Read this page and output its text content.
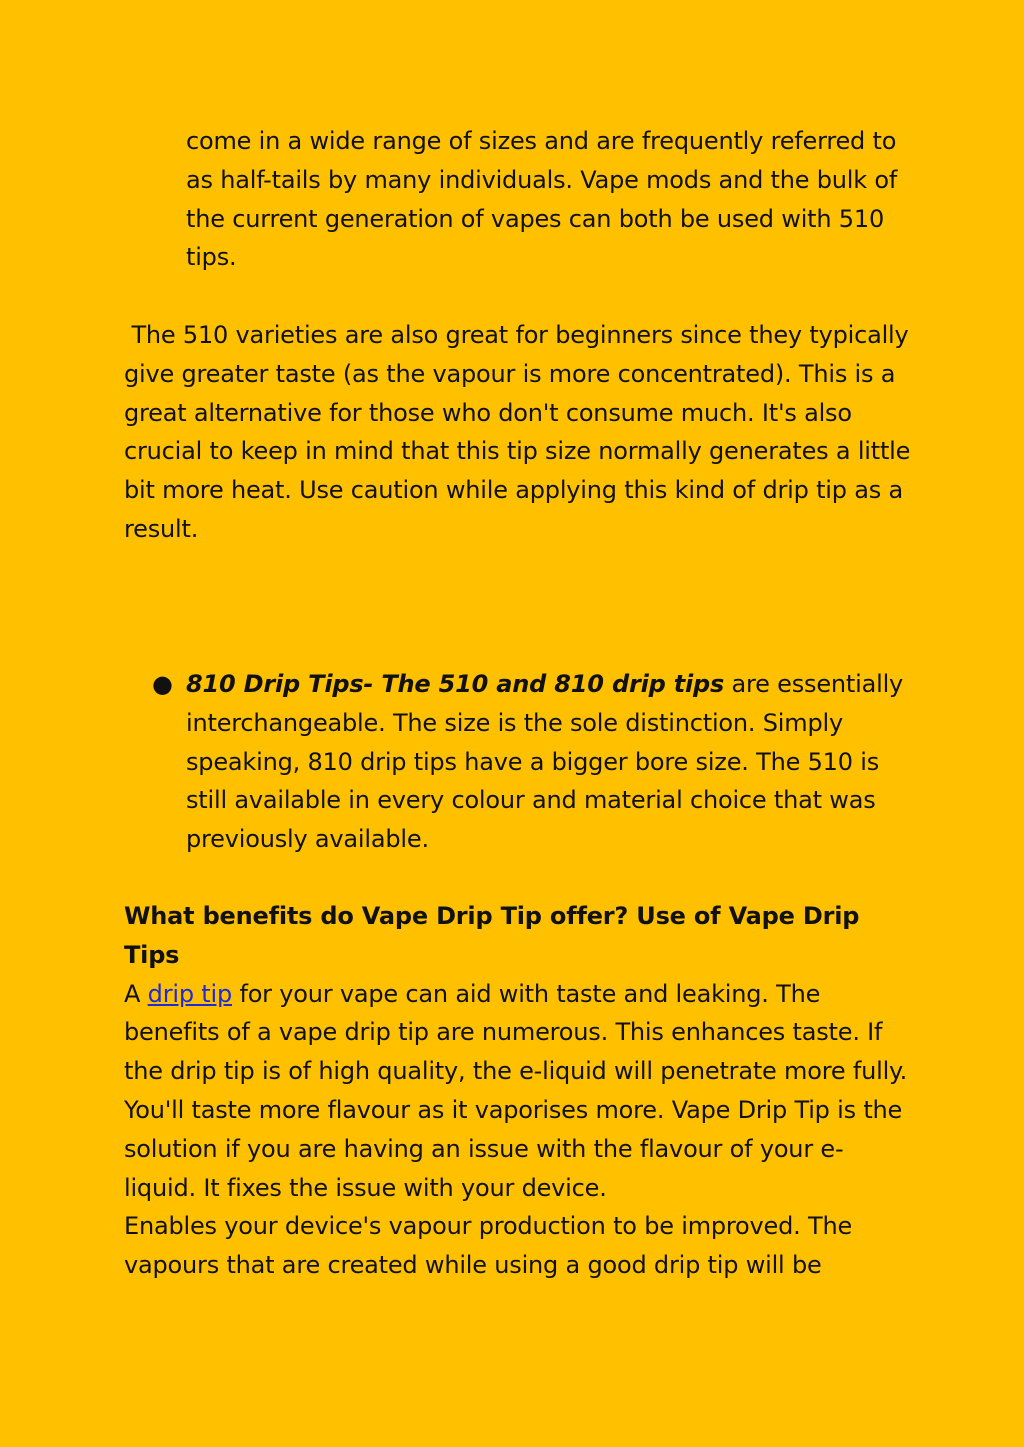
come in a wide range of sizes and are frequently referred to as half-tails by many individuals. Vape mods and the bulk of the current generation of vapes can both be used with 510 tips.

The 510 varieties are also great for beginners since they typically give greater taste (as the vapour is more concentrated). This is a great alternative for those who don't consume much. It's also crucial to keep in mind that this tip size normally generates a little bit more heat. Use caution while applying this kind of drip tip as a result.

● 810 Drip Tips- The 510 and 810 drip tips are essentially interchangeable. The size is the sole distinction. Simply speaking, 810 drip tips have a bigger bore size. The 510 is still available in every colour and material choice that was previously available.

What benefits do Vape Drip Tip offer? Use of Vape Drip Tips

A drip tip for your vape can aid with taste and leaking. The benefits of a vape drip tip are numerous. This enhances taste. If the drip tip is of high quality, the e-liquid will penetrate more fully. You'll taste more flavour as it vaporises more. Vape Drip Tip is the solution if you are having an issue with the flavour of your e-liquid. It fixes the issue with your device.

Enables your device's vapour production to be improved. The vapours that are created while using a good drip tip will be
